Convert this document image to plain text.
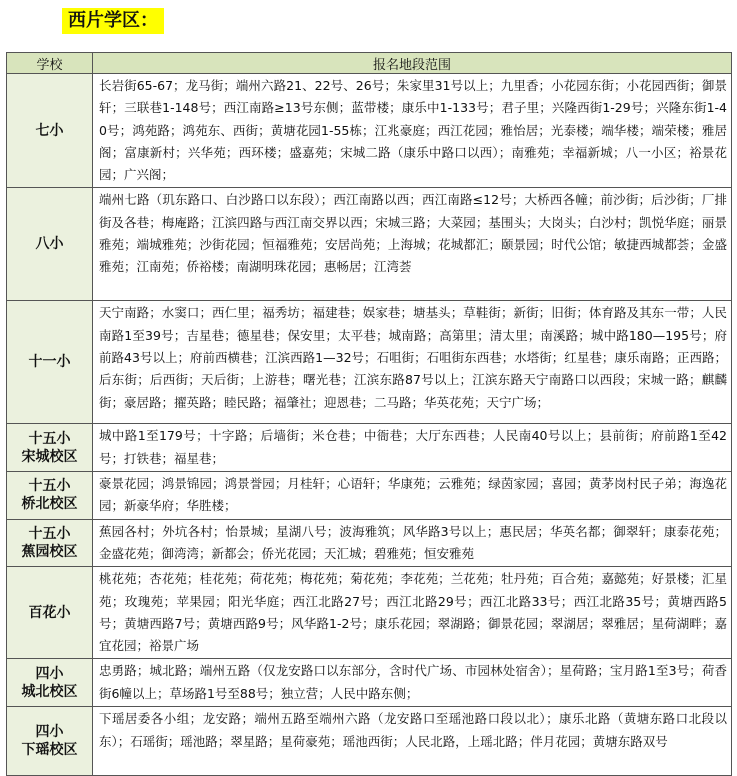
西片学区：
学校	报名地段范围

七小	长岩街65-67；龙马街；端州六路21、22号、26号；朱家里31号以上；九里香；小花园东街；小花园西街；御景轩；三联巷1-148号；西江南路≥13号东侧；蓝带楼；康乐中1-133号；君子里；兴隆西街1-29号；兴隆东街1-40号；鸿苑路；鸿苑东、西街；黄塘花园1-55栋；江兆豪庭；西江花园；雅怡居；光泰楼；端华楼；端荣楼；雅居阁；富康新村；兴华苑；西环楼；盛嘉苑；宋城二路（康乐中路口以西）；南雅苑；幸福新城；八一小区；裕景花园；广兴阁；

八小	端州七路（玑东路口、白沙路口以东段）；西江南路以西；西江南路≤12号；大桥西各幢；前沙街；后沙街；厂排街及各巷；梅庵路；江滨四路与西江南交界以西；宋城三路；大菜园；基围头；大岗头；白沙村；凯悦华庭；丽景雅苑；端城雅苑；沙街花园；恒福雅苑；安居尚苑；上海城；花城都汇；颐景园；时代公馆；敏捷西城都荟；金盛雅苑；江南苑；侨裕楼；南湖明珠花园；惠畅居；江湾荟

十一小	天宁南路；水窦口；西仁里；福秀坊；福建巷；娱家巷；塘基头；草鞋街；新街；旧街；体育路及其东一带；人民南路1至39号；吉星巷；德星巷；保安里；太平巷；城南路；高第里；清太里；南溪路；城中路180—195号；府前路43号以上；府前西横巷；江滨西路1—32号；石咀街；石咀街东西巷；水塔街；红星巷；康乐南路；正西路；后东街；后西街；天后街；上游巷；曙光巷；江滨东路87号以上；江滨东路天宁南路口以西段；宋城一路；麒麟街；豪居路；擢英路；睦民路；福肇社；迎恩巷；二马路；华英花苑；天宁广场；

十五小
宋城校区	城中路1至179号；十字路；后墙街；米仓巷；中衙巷；大厅东西巷；人民南40号以上；县前街；府前路1至42号；打铁巷；福星巷；

十五小
桥北校区	豪景花园；鸿景锦园；鸿景誉园；月桂轩；心语轩；华康苑；云雅苑；绿茵家园；喜园；黄茅岗村民子弟；海逸花园；新豪华府；华胜楼；

十五小
蕉园校区	蕉园各村；外坑各村；怡景城；星湖八号；波海雅筑；风华路3号以上；惠民居；华英名都；御翠轩；康泰花苑；金盛花苑；御湾湾；新都会；侨光花园；天汇城；碧雅苑；恒安雅苑

百花小	桃花苑；杏花苑；桂花苑；荷花苑；梅花苑；菊花苑；李花苑；兰花苑；牡丹苑；百合苑；嘉懿苑；好景楼；汇星苑；玫瑰苑；苹果园；阳光华庭；西江北路27号；西江北路29号；西江北路33号；西江北路35号；黄塘西路5号；黄塘西路7号；黄塘西路9号；风华路1-2号；康乐花园；翠湖路；御景花园；翠湖居；翠雅居；星荷湖畔；嘉宜花园；裕景广场

四小
城北校区	忠勇路；城北路；端州五路（仅龙安路口以东部分，含时代广场、市园林处宿舍）；星荷路；宝月路1至3号；荷香街6幢以上；草场路1号至88号；独立营；人民中路东侧；

四小
下瑶校区	下瑶居委各小组；龙安路；端州五路至端州六路（龙安路口至瑶池路口段以北）；康乐北路（黄塘东路口北段以东）；石瑶街；瑶池路；翠星路；星荷豪苑；瑶池西街；人民北路，上瑶北路；伴月花园；黄塘东路双号
